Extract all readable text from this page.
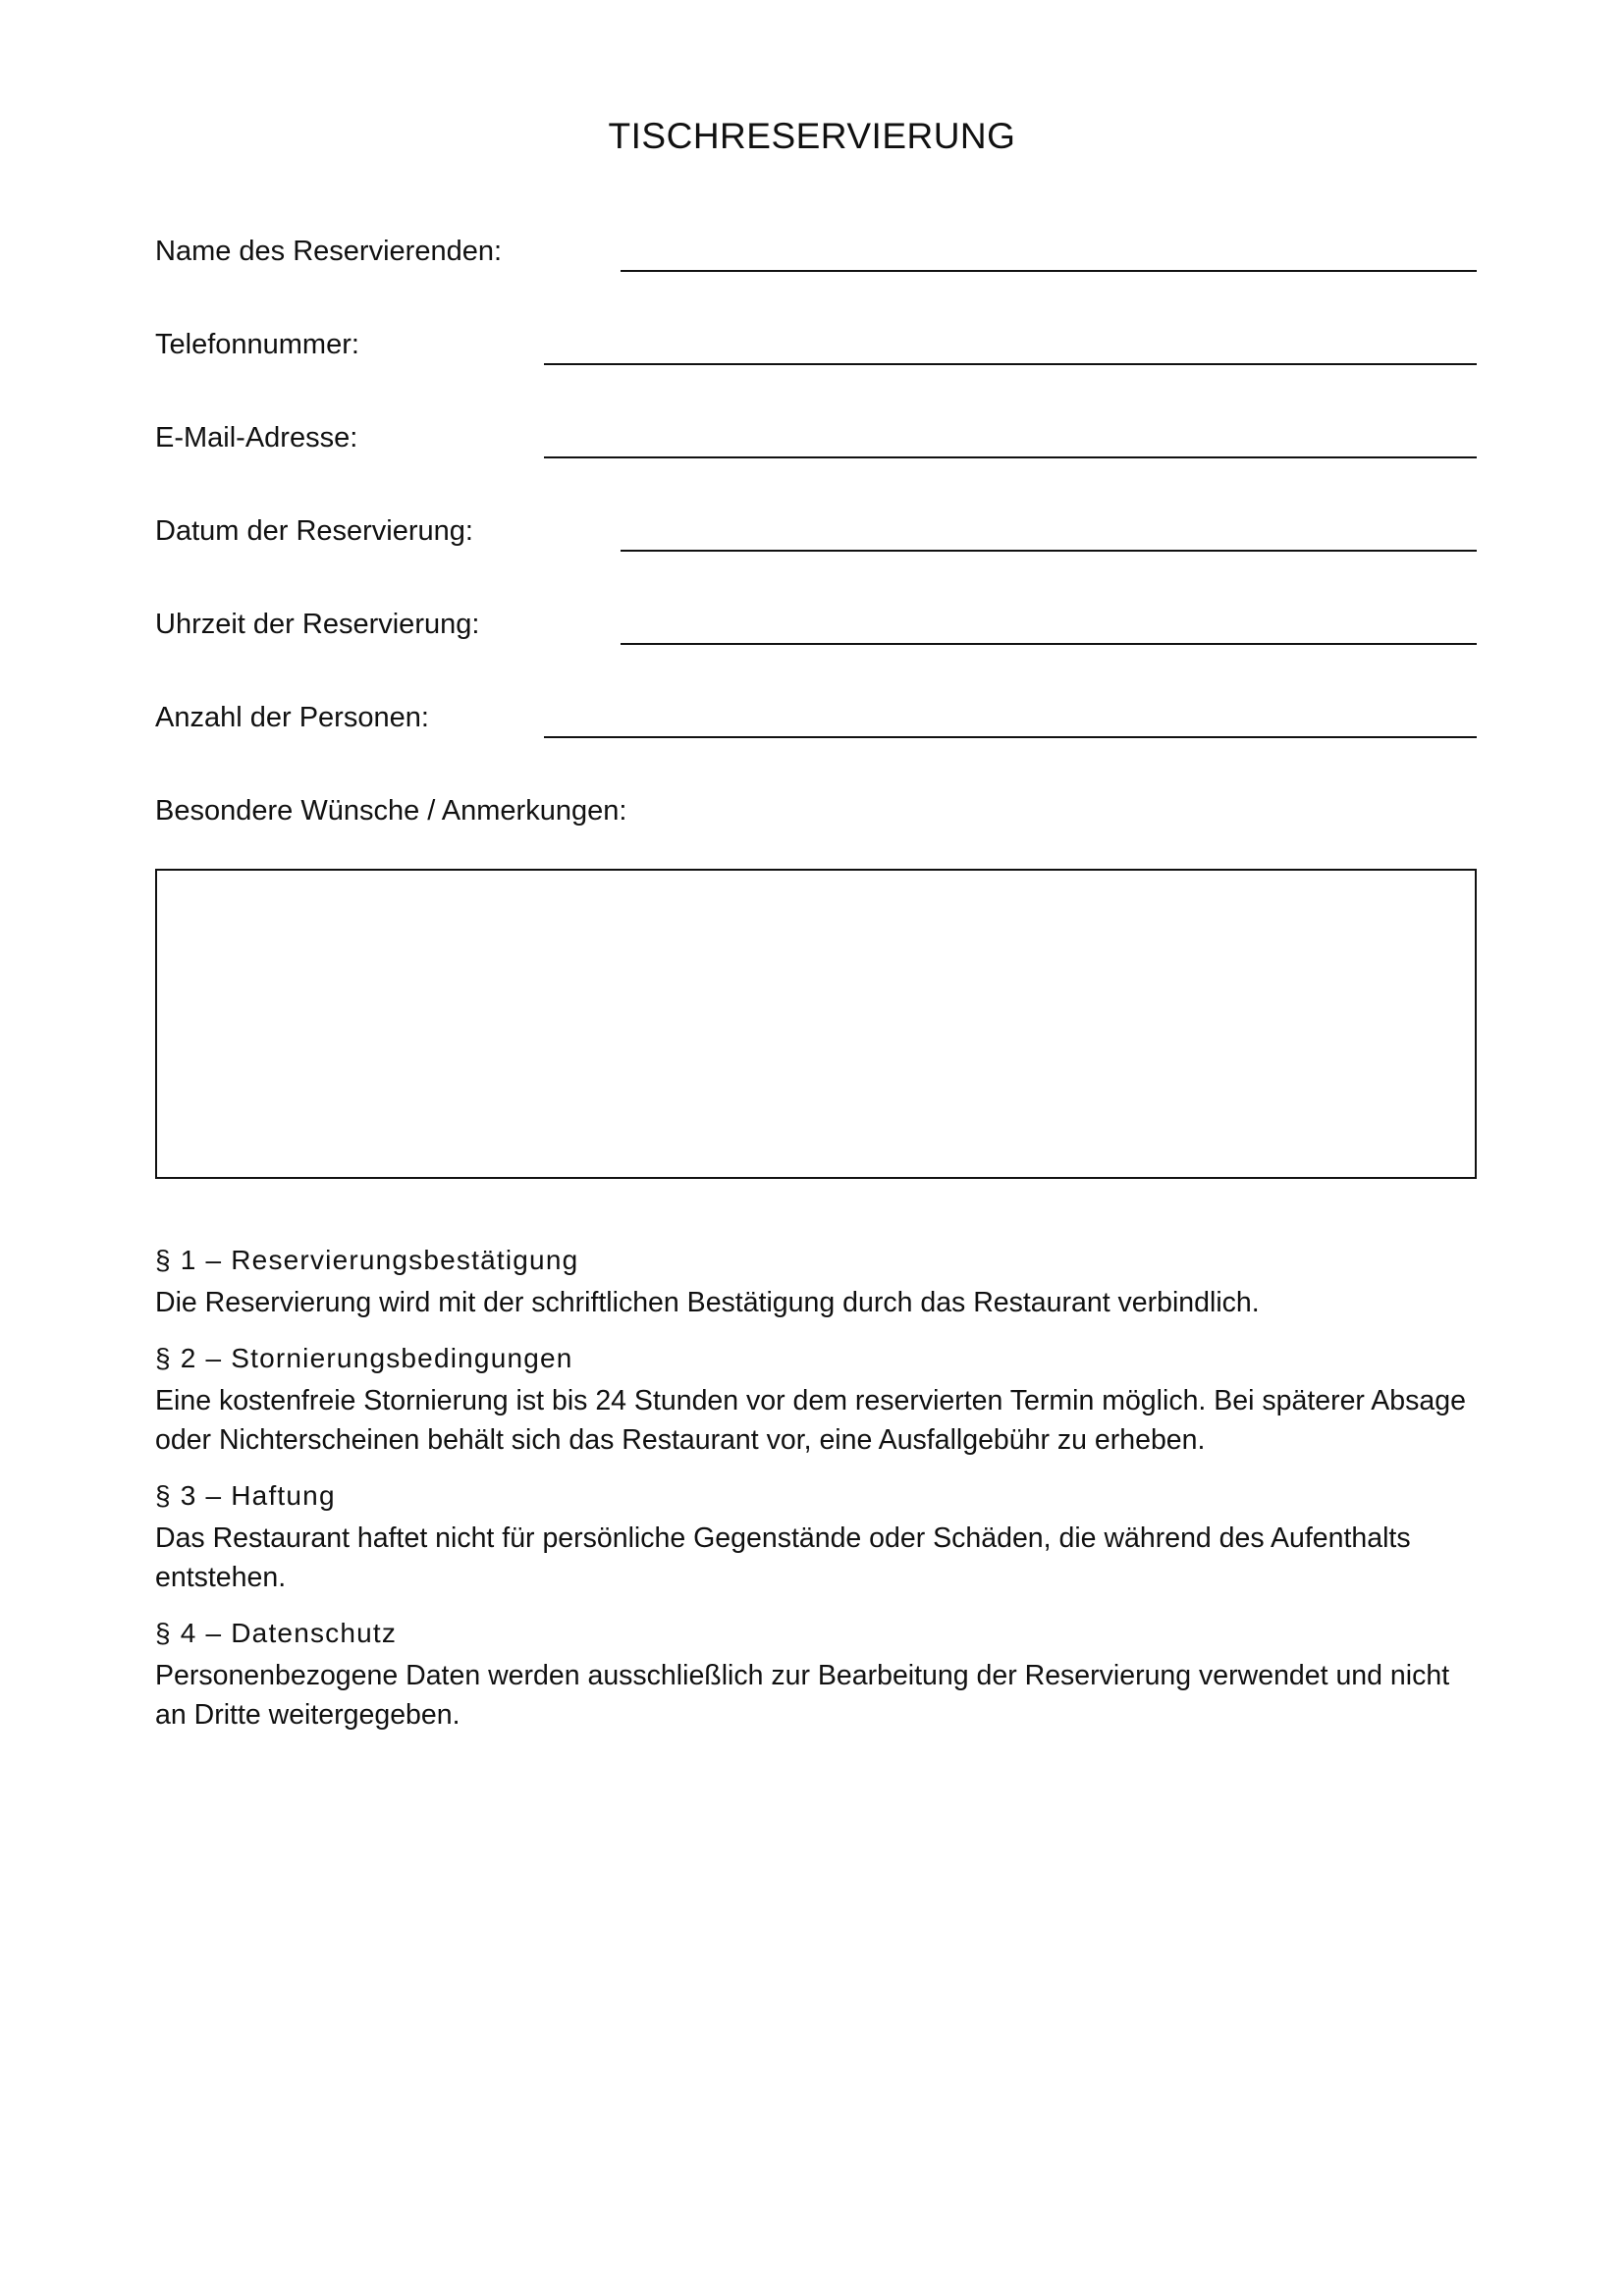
TISCHRESERVIERUNG
Name des Reservierenden:
Telefonnummer:
E-Mail-Adresse:
Datum der Reservierung:
Uhrzeit der Reservierung:
Anzahl der Personen:
Besondere Wünsche / Anmerkungen:

§ 1 – Reservierungsbestätigung

Die Reservierung wird mit der schriftlichen Bestätigung durch das Restaurant verbindlich.

§ 2 – Stornierungsbedingungen

Eine kostenfreie Stornierung ist bis 24 Stunden vor dem reservierten Termin möglich. Bei späterer Absage oder Nichterscheinen behält sich das Restaurant vor, eine Ausfallgebühr zu erheben.

§ 3 – Haftung

Das Restaurant haftet nicht für persönliche Gegenstände oder Schäden, die während des Aufenthalts entstehen.

§ 4 – Datenschutz

Personenbezogene Daten werden ausschließlich zur Bearbeitung der Reservierung verwendet und nicht an Dritte weitergegeben.
